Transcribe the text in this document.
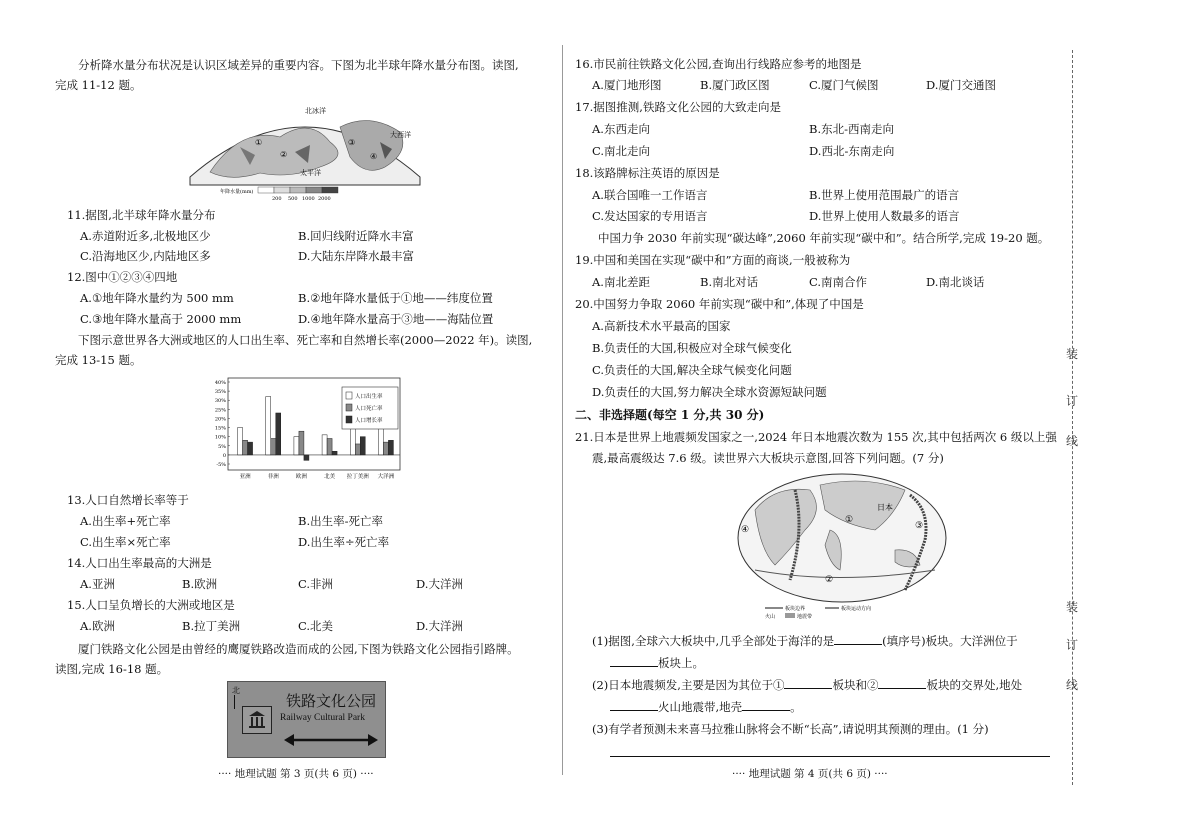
装
订
线
装
订
线
分析降水量分布状况是认识区域差异的重要内容。下图为北半球年降水量分布图。读图,
完成 11-12 题。
北冰洋
太平洋
大西洋
①
②
③
④
年降水量(mm)
200 500 1000 2000
11.据图,北半球年降水量分布
A.赤道附近多,北极地区少	B.回归线附近降水丰富
C.沿海地区少,内陆地区多	D.大陆东岸降水最丰富
12.图中①②③④四地
A.①地年降水量约为 500 mm	B.②地年降水量低于①地——纬度位置
C.③地年降水量高于 2000 mm	D.④地年降水量高于③地——海陆位置
下图示意世界各大洲或地区的人口出生率、死亡率和自然增长率(2000—2022 年)。读图,
完成 13-15 题。
40%
35%
30%
25%
20%
15%
10%
5%
0
-5%
亚洲	非洲	欧洲	北美 拉丁美洲 大洋洲
人口出生率
人口死亡率
人口增长率
13.人口自然增长率等于
A.出生率+死亡率	B.出生率-死亡率
C.出生率×死亡率	D.出生率÷死亡率
14.人口出生率最高的大洲是
A.亚洲	B.欧洲	C.非洲	D.大洋洲
15.人口呈负增长的大洲或地区是
A.欧洲	B.拉丁美洲	C.北美	D.大洋洲
厦门铁路文化公园是由曾经的鹰厦铁路改造而成的公园,下图为铁路文化公园指引路牌。
读图,完成 16-18 题。
北
铁路文化公园
Railway Cultural Park
···· 地理试题 第 3 页(共 6 页) ····
16.市民前往铁路文化公园,查询出行线路应参考的地图是
A.厦门地形图	B.厦门政区图	C.厦门气候图	D.厦门交通图
17.据图推测,铁路文化公园的大致走向是
A.东西走向	B.东北-西南走向
C.南北走向	D.西北-东南走向
18.该路牌标注英语的原因是
A.联合国唯一工作语言	B.世界上使用范围最广的语言
C.发达国家的专用语言	D.世界上使用人数最多的语言
中国力争 2030 年前实现“碳达峰”,2060 年前实现“碳中和”。结合所学,完成 19-20 题。
19.中国和美国在实现“碳中和”方面的商谈,一般被称为
A.南北差距	B.南北对话	C.南南合作	D.南北谈话
20.中国努力争取 2060 年前实现“碳中和”,体现了中国是
A.高新技术水平最高的国家
B.负责任的大国,积极应对全球气候变化
C.负责任的大国,解决全球气候变化问题
D.负责任的大国,努力解决全球水资源短缺问题
二、非选择题(每空 1 分,共 30 分)
21.日本是世界上地震频发国家之一,2024 年日本地震次数为 155 次,其中包括两次 6 级以上强
震,最高震级达 7.6 级。读世界六大板块示意图,回答下列问题。(7 分)
日本
①
②
③
④
板块边界	板块运动方向
火山	地震带
(1)据图,全球六大板块中,几乎全部处于海洋的是	(填序号)板块。大洋洲位于
板块上。
(2)日本地震频发,主要是因为其位于①	板块和②	板块的交界处,地处
火山地震带,地壳	。
(3)有学者预测未来喜马拉雅山脉将会不断“长高”,请说明其预测的理由。(1 分)
···· 地理试题 第 4 页(共 6 页) ····
